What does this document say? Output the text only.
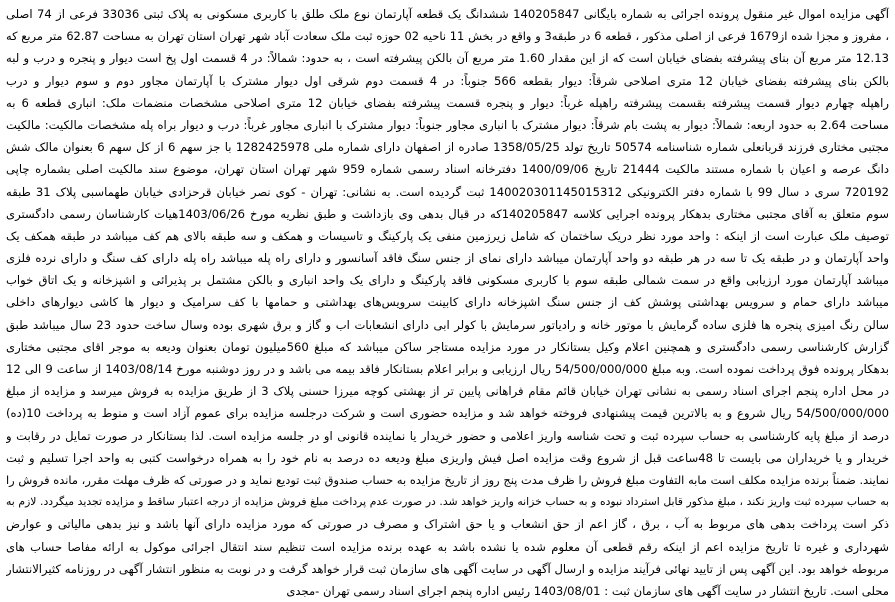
آگهی مزایده اموال غیر منقول پرونده اجرائی به شماره بایگانی 140205847 ششدانگ یک قطعه آپارتمان نوع ملک طلق با کاربری مسکونی به پلاک ثبتی 33036 فرعی از 74 اصلی
، مفروز و مجزا شده از1679 فرعی از اصلی مذکور ، قطعه 6 در طبقه3 و واقع در بخش 11 ناحیه 02 حوزه ثبت ملک سعادت آباد شهر تهران استان تهران به مساحت 62.87 متر مربع که
12.13 متر مربع آن بنای پیشرفته بفضای خیابان است که از این مقدار 1.60 متر مربع آن بالکن پیشرفته است ، به حدود: شمالاً: در 4 قسمت اول پخ است دیوار و پنجره و درب و لبه
بالکن بنای پیشرفته بفضای خیابان 12 متری اصلاحی شرقاً: دیوار بقطعه 566 جنوباً: در 4 قسمت دوم شرقی اول دیوار مشترک با آپارتمان مجاور دوم و سوم دیوار و درب
راهپله چهارم دیوار قسمت پیشرفته بقسمت پیشرفته راهپله غرباً: دیوار و پنجره قسمت پیشرفته بفضای خیابان 12 متری اصلاحی مشخصات منضمات ملک: انباری قطعه 6 به
مساحت 2.64 به حدود اربعه: شمالاً: دیوار به پشت بام شرقاً: دیوار مشترک با انباری مجاور جنوباً: دیوار مشترک با انباری مجاور غرباً: درب و دیوار براه پله مشخصات مالکیت: مالکیت
مجتبی مختاری فرزند قربانعلی شماره شناسنامه 50574 تاریخ تولد 1358/05/25 صادره از اصفهان دارای شماره ملی 1282425978 با جز سهم 6 از کل سهم 6 بعنوان مالک شش
دانگ عرصه و اعیان با شماره مستند مالکیت 21444 تاریخ 1400/09/06 دفترخانه اسناد رسمی شماره 959 شهر تهران استان تهران، موضوع سند مالکیت اصلی بشماره چاپی
720192 سری د سال 99 با شماره دفتر الکترونیکی 140020301145015312 ثبت گردیده است. به نشانی: تهران - کوی نصر خیابان قرحزادی خیابان طهماسبی پلاک 31 طبقه
سوم متعلق به آقای مجتبی مختاری بدهکار پرونده اجرایی کلاسه 140205847که در قبال بدهی وی بازداشت و طبق نظریه مورخ 1403/06/26هیات کارشناسان رسمی دادگستری
توصیف ملک عبارت است از اینکه : واحد مورد نظر دریک ساختمان که شامل زیرزمین منفی یک پارکینگ و تاسیسات و همکف و سه طبقه بالای هم کف میباشد در طبقه همکف یک
واحد آپارتمان و در طبقه یک تا سه در هر طبقه دو واحد آپارتمان میباشد دارای نمای از جنس سنگ فاقد آسانسور و دارای راه پله میباشد راه پله دارای کف سنگ و دارای نرده فلزی
میباشد آپارتمان مورد ارزیابی واقع در سمت شمالی طبقه سوم با کاربری مسکونی فاقد پارکینگ و دارای یک واحد انباری و بالکن مشتمل بر پذیرائی و اشپزخانه و یک اتاق خواب
میباشد دارای حمام و سرویس بهداشتی پوشش کف از جنس سنگ اشپزخانه دارای کابینت سرویس‌های بهداشتی و حمامها با کف سرامیک و دیوار ها کاشی دیوارهای داخلی
سالن رنگ امیزی پنجره ها فلزی ساده گرمایش با موتور خانه و رادیاتور سرمایش با کولر ابی دارای انشعابات اب و گاز و برق شهری بوده وسال ساخت حدود 23 سال میباشد طبق
گزارش کارشناسی رسمی دادگستری و همچنین اعلام وکیل بستانکار در مورد مزایده مستاجر ساکن میباشد که مبلغ 560میلیون تومان بعنوان ودیعه به موجر اقای مجتبی مختاری
بدهکار پرونده فوق پرداخت نموده است. وبه مبلغ 54/500/000/000 ریال ارزیابی و برابر اعلام بستانکار فاقد بیمه می باشد و در روز دوشنبه مورخ 1403/08/14 از ساعت 9 الی 12
در محل اداره پنجم اجرای اسناد رسمی به نشانی تهران خیابان قائم مقام فراهانی پایین تر از بهشتی کوچه میرزا حسنی پلاک 3 از طریق مزایده به فروش میرسد و مزایده از مبلغ
54/500/000/000 ریال شروع و به بالاترین قیمت پیشنهادی فروخته خواهد شد و مزایده حضوری است و شرکت درجلسه مزایده برای عموم آزاد است و منوط به پرداخت 10(ده)
درصد از مبلغ پایه کارشناسی به حساب سپرده ثبت و تحت شناسه واریز اعلامی و حضور خریدار یا نماینده قانونی او در جلسه مزایده است. لذا بستانکار در صورت تمایل در رقابت و
خریدار و یا خریداران می بایست تا 48ساعت قبل از شروع وقت مزایده اصل فیش واریزی مبلغ ودیعه ده درصد به نام خود را به همراه درخواست کتبی به واحد اجرا تسلیم و ثبت
نمایند. ضمناً برنده مزایده مکلف است مابه التفاوت مبلغ فروش را ظرف مدت پنج روز از تاریخ مزایده به حساب صندوق ثبت تودیع نماید و در صورتی که ظرف مهلت مقرر، مانده فروش را
به حساب سپرده ثبت واریز نکند ، مبلغ مذکور قابل استرداد نبوده و به حساب خزانه واریز خواهد شد. در صورت عدم پرداخت مبلغ فروش مزایده از درجه اعتبار ساقط و مزایده تجدید میگردد. لازم به
ذکر است پرداخت بدهی های مربوط به آب ، برق ، گاز اعم از حق انشعاب و یا حق اشتراک و مصرف در صورتی که مورد مزایده دارای آنها باشد و نیز بدهی مالیاتی و عوارض
شهرداری و غیره تا تاریخ مزایده اعم از اینکه رقم قطعی آن معلوم شده یا نشده باشد به عهده برنده مزایده است تنظیم سند انتقال اجرائی موکول به ارائه مفاصا حساب های
مربوطه خواهد بود. این آگهی پس از تایید نهائی فرآیند مزایده و ارسال آگهی در سایت آگهی های سازمان ثبت قرار خواهد گرفت و در نوبت به منظور انتشار آگهی در روزنامه کثیرالانتشار
محلی است. تاریخ انتشار در سایت آگهی های سازمان ثبت : 1403/08/01 رئیس اداره پنجم اجرای اسناد رسمی تهران -مجدی
